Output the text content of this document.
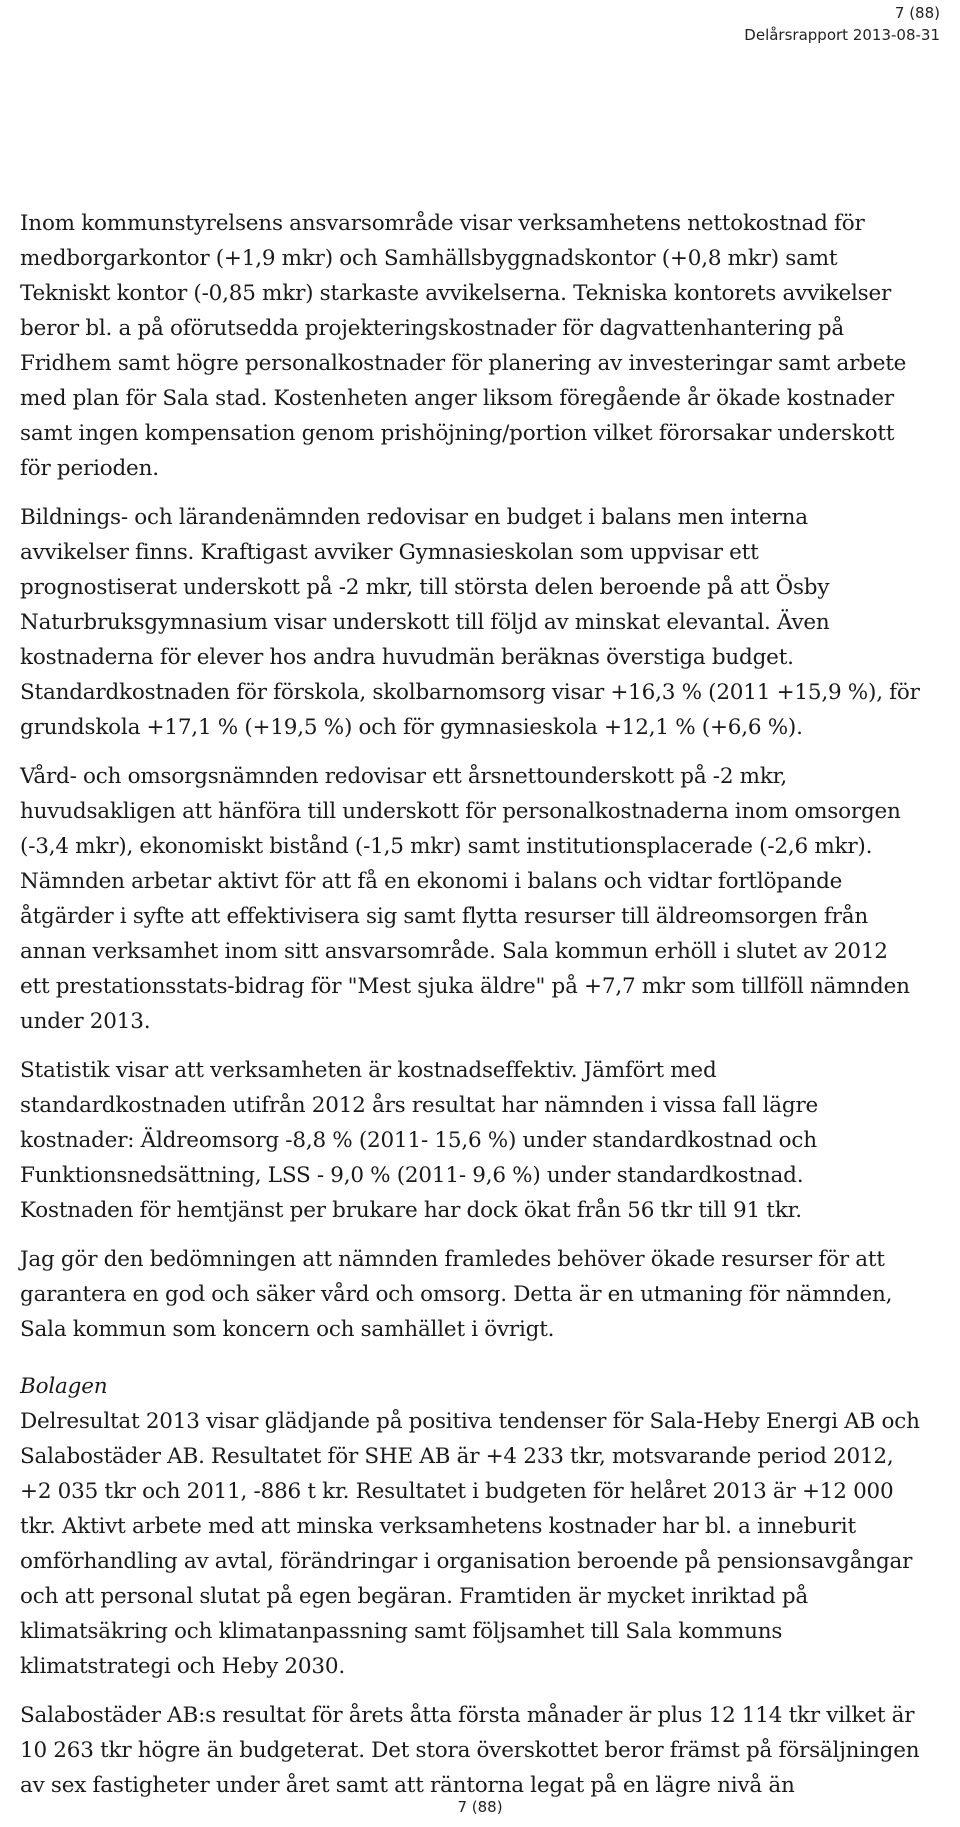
7 (88)
Delårsrapport 2013-08-31

Inom kommunstyrelsens ansvarsområde visar verksamhetens nettokostnad för medborgarkontor (+1,9 mkr) och Samhällsbyggnadskontor (+0,8 mkr) samt Tekniskt kontor (-0,85 mkr) starkaste avvikelserna. Tekniska kontorets avvikelser beror bl. a på oförutsedda projekteringskostnader för dagvattenhantering på Fridhem samt högre personalkostnader för planering av investeringar samt arbete med plan för Sala stad. Kostenheten anger liksom föregående år ökade kostnader samt ingen kompensation genom prishöjning/portion vilket förorsakar underskott för perioden.

Bildnings- och lärandenämnden redovisar en budget i balans men interna avvikelser finns. Kraftigast avviker Gymnasieskolan som uppvisar ett prognostiserat underskott på -2 mkr, till största delen beroende på att Ösby Naturbruksgymnasium visar underskott till följd av minskat elevantal. Även kostnaderna för elever hos andra huvudmän beräknas överstiga budget. Standardkostnaden för förskola, skolbarnomsorg visar +16,3 % (2011 +15,9 %), för grundskola +17,1 % (+19,5 %) och för gymnasieskola +12,1 % (+6,6 %).

Vård- och omsorgsnämnden redovisar ett årsnettounderskott på -2 mkr, huvudsakligen att hänföra till underskott för personalkostnaderna inom omsorgen (-3,4 mkr), ekonomiskt bistånd (-1,5 mkr) samt institutionsplacerade (-2,6 mkr). Nämnden arbetar aktivt för att få en ekonomi i balans och vidtar fortlöpande åtgärder i syfte att effektivisera sig samt flytta resurser till äldreomsorgen från annan verksamhet inom sitt ansvarsområde. Sala kommun erhöll i slutet av 2012 ett prestationsstats-bidrag för "Mest sjuka äldre" på +7,7 mkr som tillföll nämnden under 2013.

Statistik visar att verksamheten är kostnadseffektiv. Jämfört med standardkostnaden utifrån 2012 års resultat har nämnden i vissa fall lägre kostnader: Äldreomsorg -8,8 % (2011- 15,6 %) under standardkostnad och Funktionsnedsättning, LSS - 9,0 % (2011- 9,6 %) under standardkostnad. Kostnaden för hemtjänst per brukare har dock ökat från 56 tkr till 91 tkr.

Jag gör den bedömningen att nämnden framledes behöver ökade resurser för att garantera en god och säker vård och omsorg. Detta är en utmaning för nämnden, Sala kommun som koncern och samhället i övrigt.

Bolagen

Delresultat 2013 visar glädjande på positiva tendenser för Sala-Heby Energi AB och Salabostäder AB. Resultatet för SHE AB är +4 233 tkr, motsvarande period 2012, +2 035 tkr och 2011, -886 t kr. Resultatet i budgeten för helåret 2013 är +12 000 tkr. Aktivt arbete med att minska verksamhetens kostnader har bl. a inneburit omförhandling av avtal, förändringar i organisation beroende på pensionsavgångar och att personal slutat på egen begäran. Framtiden är mycket inriktad på klimatsäkring och klimatanpassning samt följsamhet till Sala kommuns klimatstrategi och Heby 2030.

Salabostäder AB:s resultat för årets åtta första månader är plus 12 114 tkr vilket är 10 263 tkr högre än budgeterat. Det stora överskottet beror främst på försäljningen av sex fastigheter under året samt att räntorna legat på en lägre nivå än

7 (88)
